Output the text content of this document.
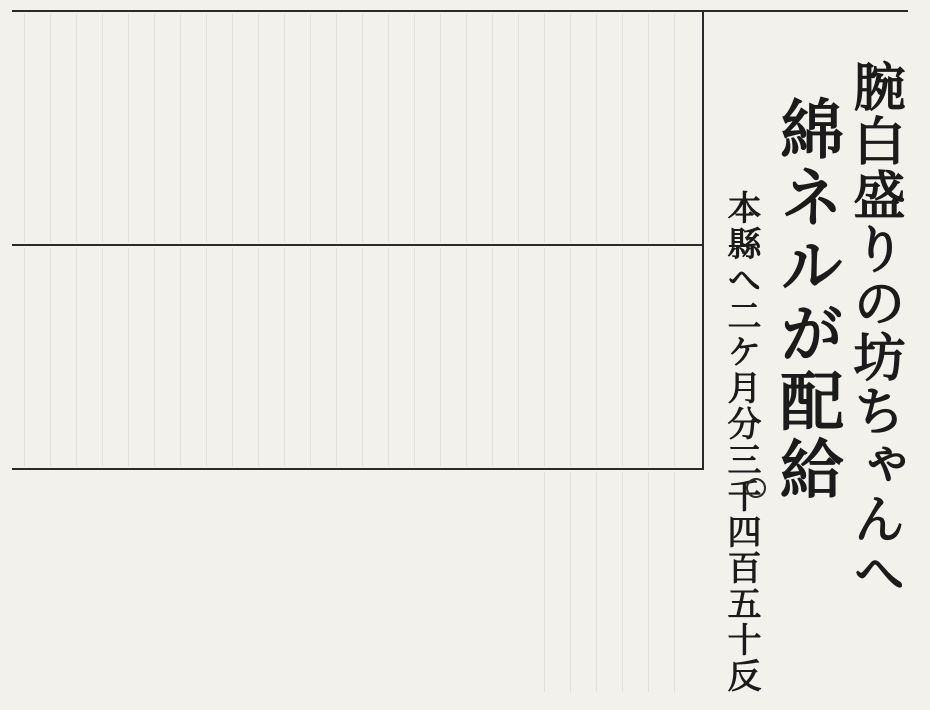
腕白盛りの坊ちゃんへ
綿ネルが配給
本縣へ二ケ月分三千四百五十反
